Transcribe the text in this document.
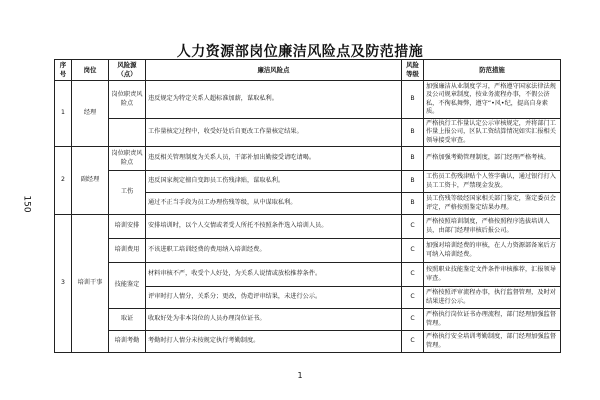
人力资源部岗位廉洁风险点及防范措施
150
序号	岗位	风险源（点）	廉洁风险点	风险等级	防范措施
1	经理	岗位职责风险点	违反规定为特定关系人超标准加薪，谋取私利。	B	加强廉洁从业制度学习，严格遵守国家法律法规及公司规章制度，按业务流程办事，不假公济私，不徇私舞弊，遵守“•风•纪，提高自身素质。
			工作量核定过程中，收受好处后自更改工作量核定结果。	B	严格执行工作量认定公示审核规定，并将部门工作量上报公司，区队工资结算情况如实汇报相关领导接受审查。
2	副经理	岗位职责风险点	违反相关管理制度为关系人员，干部补加出勤接受请吃请喝。	B	严格加强考勤管理制度，部门经理严格考核。
		工伤	违反国家规定擅自变卸员工伤残津贴，谋取私利。	B	工伤员工伤残津贴个人签字确认，通过银行打入员工工资卡，严禁现金发放。
			通过不正当手段为员工办理伤残等级，从中谋取私利。	B	员工伤残等级经国家相关部门鉴定，鉴定委员会评定，严格按照鉴定结果办理。
3	培训干事	培训安排	安排培训时，以个人交情或者受人所托不按照条件选入培训人员。	C	严格按照培训制度，严格按照程序选拔培训人员，由部门经理审核后报公司。
		培训费用	不该进职工培训经费的费用纳入培训经费。	C	加强对培训经费的审核，在人力资源部备案后方可纳入培训经费。
		技能鉴定	材料审核不严，收受个人好处，为关系人说情或放松推荐条件。	C	按照职业技能鉴定文件条件审核推荐，汇报领导审查。
			评审时打人情分，关系分；更改，伪造评审结果，未进行公示。	C	严格按照评审流程办事，执行监督管理，及时对结果进行公示。
		取证	收取好处为非本岗位的人员办理岗位证书。	C	严格执行岗位证书办理流程，部门经理加强监督管理。
		培训考勤	考勤时打人情分未按规定执行考勤制度。	C	严格执行安全培训考勤制度，部门经理加强监督管理。
1
